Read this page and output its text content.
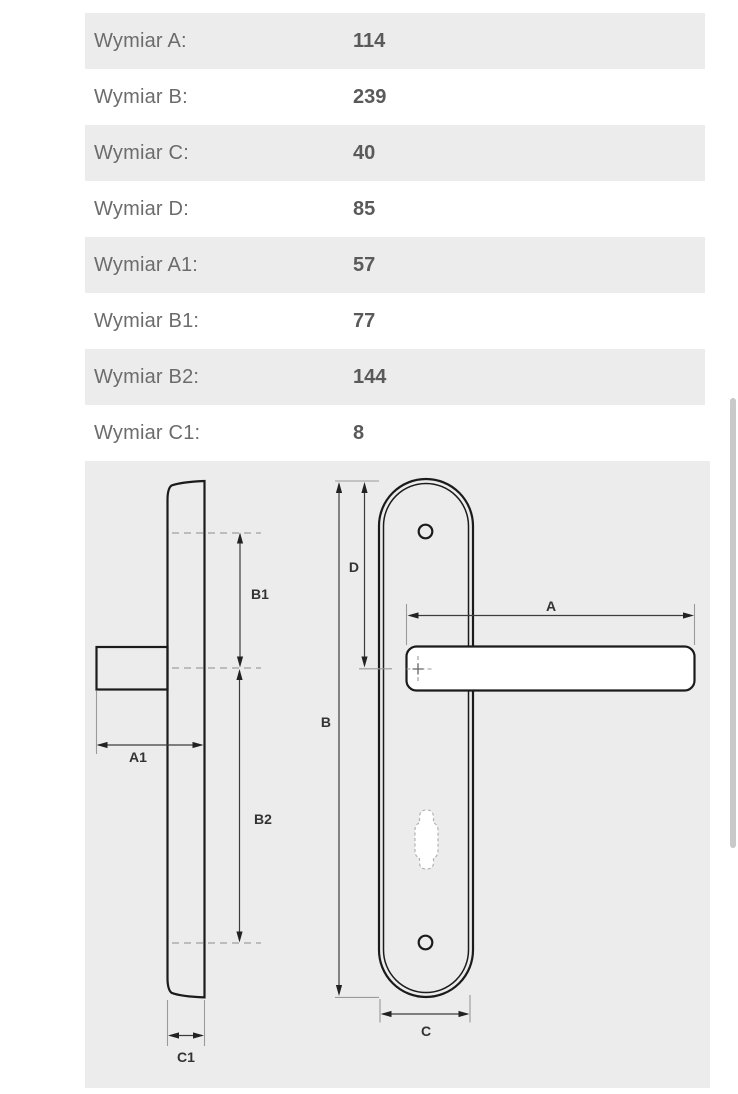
Wymiar A:	114
Wymiar B:	239
Wymiar C:	40
Wymiar D:	85
Wymiar A1:	57
Wymiar B1:	77
Wymiar B2:	144
Wymiar C1:	8
B1
B2
A1
C1
B
D
A
C
